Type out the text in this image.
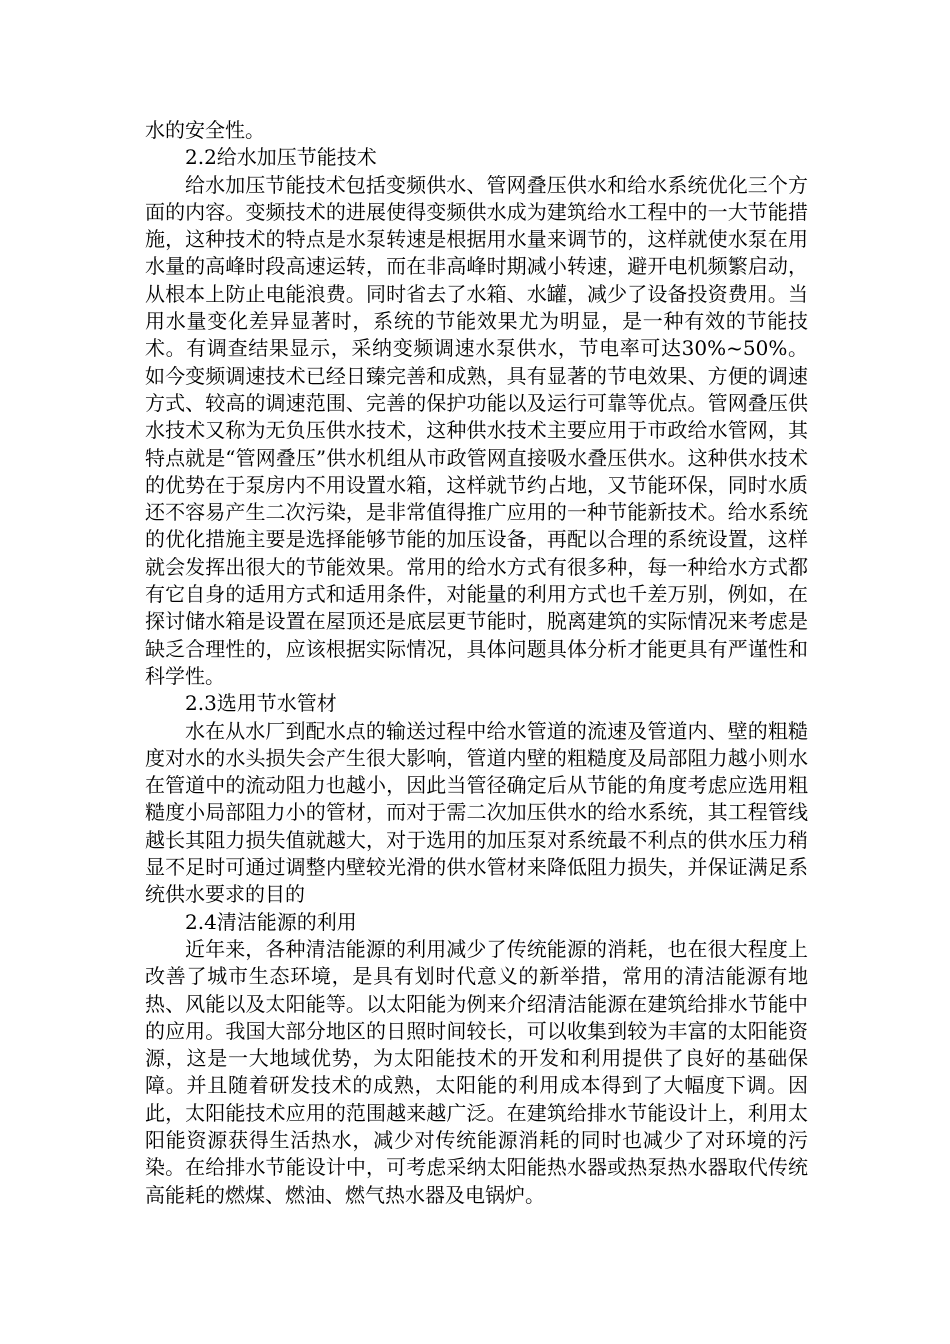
水的安全性。

2.2给水加压节能技术

给水加压节能技术包括变频供水、管网叠压供水和给水系统优化三个方面的内容。变频技术的进展使得变频供水成为建筑给水工程中的一大节能措施，这种技术的特点是水泵转速是根据用水量来调节的，这样就使水泵在用水量的高峰时段高速运转，而在非高峰时期减小转速，避开电机频繁启动，从根本上防止电能浪费。同时省去了水箱、水罐，减少了设备投资费用。当用水量变化差异显著时，系统的节能效果尤为明显，是一种有效的节能技术。有调查结果显示，采纳变频调速水泵供水，节电率可达30%~50%。如今变频调速技术已经日臻完善和成熟，具有显著的节电效果、方便的调速方式、较高的调速范围、完善的保护功能以及运行可靠等优点。管网叠压供水技术又称为无负压供水技术，这种供水技术主要应用于市政给水管网，其特点就是“管网叠压”供水机组从市政管网直接吸水叠压供水。这种供水技术的优势在于泵房内不用设置水箱，这样就节约占地，又节能环保，同时水质还不容易产生二次污染，是非常值得推广应用的一种节能新技术。给水系统的优化措施主要是选择能够节能的加压设备，再配以合理的系统设置，这样就会发挥出很大的节能效果。常用的给水方式有很多种，每一种给水方式都有它自身的适用方式和适用条件，对能量的利用方式也千差万别，例如，在探讨储水箱是设置在屋顶还是底层更节能时，脱离建筑的实际情况来考虑是缺乏合理性的，应该根据实际情况，具体问题具体分析才能更具有严谨性和科学性。

2.3选用节水管材

水在从水厂到配水点的输送过程中给水管道的流速及管道内、壁的粗糙度对水的水头损失会产生很大影响，管道内壁的粗糙度及局部阻力越小则水在管道中的流动阻力也越小，因此当管径确定后从节能的角度考虑应选用粗糙度小局部阻力小的管材，而对于需二次加压供水的给水系统，其工程管线越长其阻力损失值就越大，对于选用的加压泵对系统最不利点的供水压力稍显不足时可通过调整内壁较光滑的供水管材来降低阻力损失，并保证满足系统供水要求的目的

2.4清洁能源的利用

近年来，各种清洁能源的利用减少了传统能源的消耗，也在很大程度上改善了城市生态环境，是具有划时代意义的新举措，常用的清洁能源有地热、风能以及太阳能等。以太阳能为例来介绍清洁能源在建筑给排水节能中的应用。我国大部分地区的日照时间较长，可以收集到较为丰富的太阳能资源，这是一大地域优势，为太阳能技术的开发和利用提供了良好的基础保障。并且随着研发技术的成熟，太阳能的利用成本得到了大幅度下调。因此，太阳能技术应用的范围越来越广泛。在建筑给排水节能设计上，利用太阳能资源获得生活热水，减少对传统能源消耗的同时也减少了对环境的污染。在给排水节能设计中，可考虑采纳太阳能热水器或热泵热水器取代传统高能耗的燃煤、燃油、燃气热水器及电锅炉。
